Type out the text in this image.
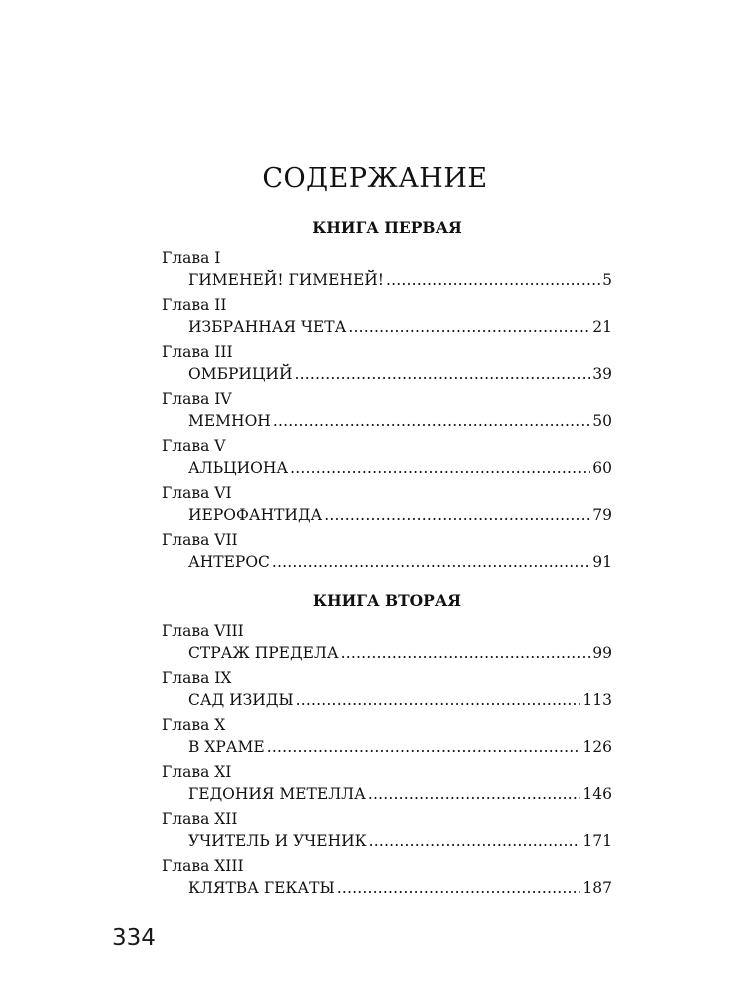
СОДЕРЖАНИЕ
КНИГА ПЕРВАЯ
Глава I
ГИМЕНЕЙ! ГИМЕНЕЙ! .....	5
Глава II
ИЗБРАННАЯ ЧЕТА .....	21
Глава III
ОМБРИЦИЙ .....	39
Глава IV
МЕМНОН .....	50
Глава V
АЛЬЦИОНА .....	60
Глава VI
ИЕРОФАНТИДА .....	79
Глава VII
АНТЕРОС .....	91
КНИГА ВТОРАЯ
Глава VIII
СТРАЖ ПРЕДЕЛА .....	99
Глава IX
САД ИЗИДЫ .....	113
Глава X
В ХРАМЕ .....	126
Глава XI
ГЕДОНИЯ МЕТЕЛЛА .....	146
Глава XII
УЧИТЕЛЬ И УЧЕНИК .....	171
Глава XIII
КЛЯТВА ГЕКАТЫ .....	187
334
